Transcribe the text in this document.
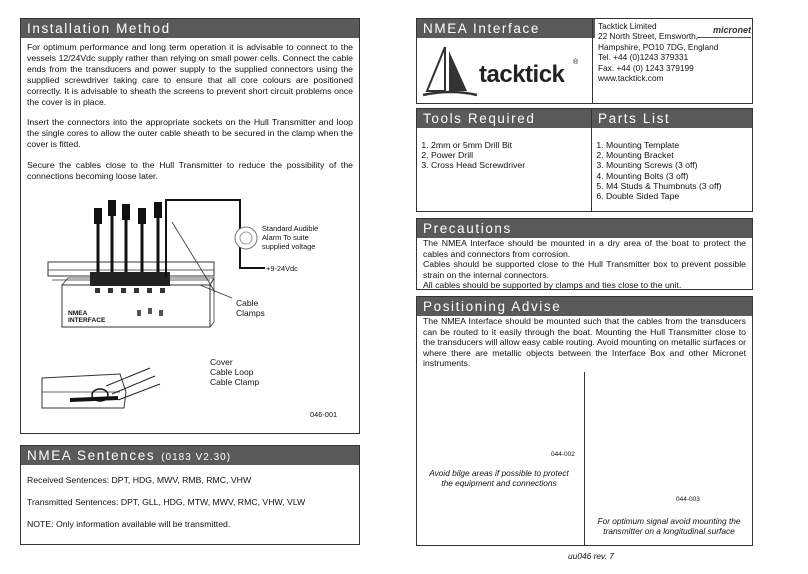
Installation Method

For optimum performance and long term operation it is advisable to connect to the vessels 12/24Vdc supply rather than relying on small power cells. Connect the cable ends from the transducers and power supply to the supplied connectors using the supplied screwdriver taking care to ensure that all core colours are positioned correctly. It is advisable to sheath the screens to prevent short circuit problems once the cover is in place.

Insert the connectors into the appropriate sockets on the Hull Transmitter and loop the single cores to allow the outer cable sheath to be secured in the clamp when the cover is fitted.

Secure the cables close to the Hull Transmitter to reduce the possibility of the connections becoming loose later.

Standard Audible
Alarm To suite
supplied voltage
+9-24Vdc
Cable
Clamps
NMEA
INTERFACE
Cover
Cable Loop
Cable Clamp
046-001
NMEA Sentences (0183 V2.30)
Received Sentences: DPT, HDG, MWV, RMB, RMC, VHW
Transmitted Sentences: DPT, GLL, HDG, MTW, MWV, RMC, VHW, VLW
NOTE: Only information available will be transmitted.
NMEA Interface	micronet
tacktick ®
Tacktick Limited
22 North Street, Emsworth,
Hampshire, PO10 7DG, England
Tel. +44 (0)1243 379331
Fax. +44 (0) 1243 379199
www.tacktick.com
Tools Required
1. 2mm or 5mm Drill Bit
2. Power Drill
3. Cross Head Screwdriver
Parts List
1. Mounting Template
2. Mounting Bracket
3. Mounting Screws (3 off)
4. Mounting Bolts (3 off)
5. M4 Studs & Thumbnuts (3 off)
6. Double Sided Tape
Precautions
The NMEA Interface should be mounted in a dry area of the boat to protect the cables and connectors from corrosion.
Cables should be supported close to the Hull Transmitter box to prevent possible strain on the internal connectors.
All cables should be supported by clamps and ties close to the unit.
Positioning Advise
The NMEA Interface should be mounted such that the cables from the transducers can be routed to it easily through the boat. Mounting the Hull Transmitter close to the transducers will allow easy cable routing. Avoid mounting on metallic surfaces or where there are metallic objects between the Interface Box and other Micronet instruments.
044-002
Avoid bilge areas if possible to protect the equipment and connections
044-003
For optimum signal avoid mounting the transmitter on a longitudinal surface
uu046 rev. 7
